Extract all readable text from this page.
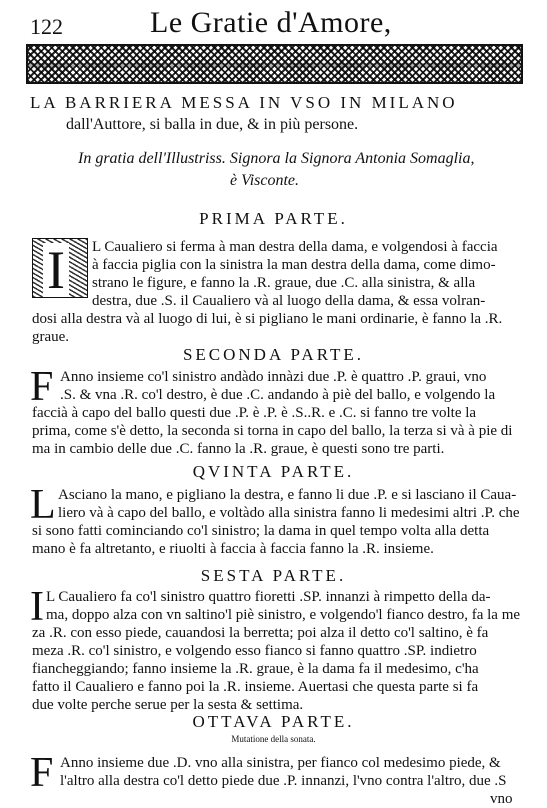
122	Le Gratie d'Amore,
LA BARRIERA MESSA IN VSO IN MILANO
dall'Auttore, si balla in due, & in più persone.
In gratia dell'Illustriss. Signora la Signora Antonia Somaglia,
è Visconte.
PRIMA PARTE.
I L Caualiero si ferma à man destra della dama, e volgendosi à faccia
à faccia piglia con la sinistra la man destra della dama, come dimo-
strano le figure, e fanno la .R. graue, due .C. alla sinistra, & alla
destra, due .S. il Caualiero và al luogo della dama, & essa volran-
dosi alla destra và al luogo di lui, è si pigliano le mani ordinarie, è fanno la .R.
graue.
SECONDA PARTE.
F Anno insieme co'l sinistro andàdo innàzi due .P. è quattro .P. graui, vno
.S. & vna .R. co'l destro, è due .C. andando à piè del ballo, e volgendo la
faccià à capo del ballo questi due .P. è .P. è .S..R. e .C. si fanno tre volte la
prima, come s'è detto, la seconda si torna in capo del ballo, la terza si và à pie di
ma in cambio delle due .C. fanno la .R. graue, è questi sono tre parti.
QVINTA PARTE.
L Asciano la mano, e pigliano la destra, e fanno li due .P. e si lasciano il Caua-
liero và à capo del ballo, e voltàdo alla sinistra fanno li medesimi altri .P. che
si sono fatti cominciando co'l sinistro; la dama in quel tempo volta alla detta
mano è fa altretanto, e riuolti à faccia à faccia fanno la .R. insieme.
SESTA PARTE.
I L Caualiero fa co'l sinistro quattro fioretti .SP. innanzi à rimpetto della da-
ma, doppo alza con vn saltino'l piè sinistro, e volgendo'l fianco destro, fa la me
za .R. con esso piede, cauandosi la berretta; poi alza il detto co'l saltino, è fa
meza .R. co'l sinistro, e volgendo esso fianco si fanno quattro .SP. indietro
fiancheggiando; fanno insieme la .R. graue, è la dama fa il medesimo, c'ha
fatto il Caualiero e fanno poi la .R. insieme. Auertasi che questa parte si fa
due volte perche serue per la sesta & settima.
OTTAVA PARTE.
Mutatione della sonata.
F Anno insieme due .D. vno alla sinistra, per fianco col medesimo piede, &
l'altro alla destra co'l detto piede due .P. innanzi, l'vno contra l'altro, due .S
vno
